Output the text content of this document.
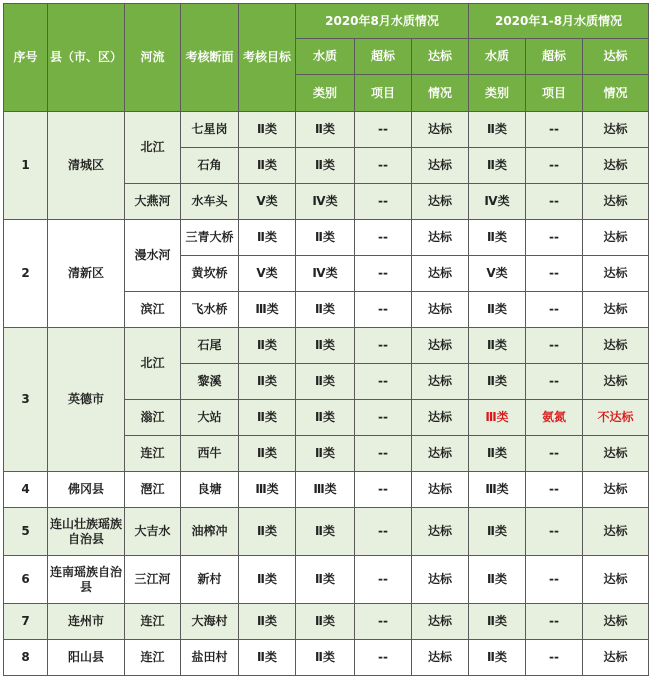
序号	县（市、区）	河流	考核断面	考核目标	2020年8月水质情况			2020年1-8月水质情况		
					水质	超标	达标	水质	超标	达标
					类别	项目	情况	类别	项目	情况
1	清城区	北江	七星岗	Ⅱ类	Ⅱ类	--	达标	Ⅱ类	--	达标
			石角	Ⅱ类	Ⅱ类	--	达标	Ⅱ类	--	达标
		大燕河	水车头	Ⅴ类	Ⅳ类	--	达标	Ⅳ类	--	达标
2	清新区	漫水河	三青大桥	Ⅱ类	Ⅱ类	--	达标	Ⅱ类	--	达标
			黄坎桥	Ⅴ类	Ⅳ类	--	达标	Ⅴ类	--	达标
		滨江	飞水桥	Ⅲ类	Ⅱ类	--	达标	Ⅱ类	--	达标
3	英德市	北江	石尾	Ⅱ类	Ⅱ类	--	达标	Ⅱ类	--	达标
			黎溪	Ⅱ类	Ⅱ类	--	达标	Ⅱ类	--	达标
		滃江	大站	Ⅱ类	Ⅱ类	--	达标	Ⅲ类	氨氮	不达标
		连江	西牛	Ⅱ类	Ⅱ类	--	达标	Ⅱ类	--	达标
4	佛冈县	潖江	良塘	Ⅲ类	Ⅲ类	--	达标	Ⅲ类	--	达标
5	连山壮族瑶族自治县	大吉水	油榨冲	Ⅱ类	Ⅱ类	--	达标	Ⅱ类	--	达标
6	连南瑶族自治县	三江河	新村	Ⅱ类	Ⅱ类	--	达标	Ⅱ类	--	达标
7	连州市	连江	大海村	Ⅱ类	Ⅱ类	--	达标	Ⅱ类	--	达标
8	阳山县	连江	盐田村	Ⅱ类	Ⅱ类	--	达标	Ⅱ类	--	达标
